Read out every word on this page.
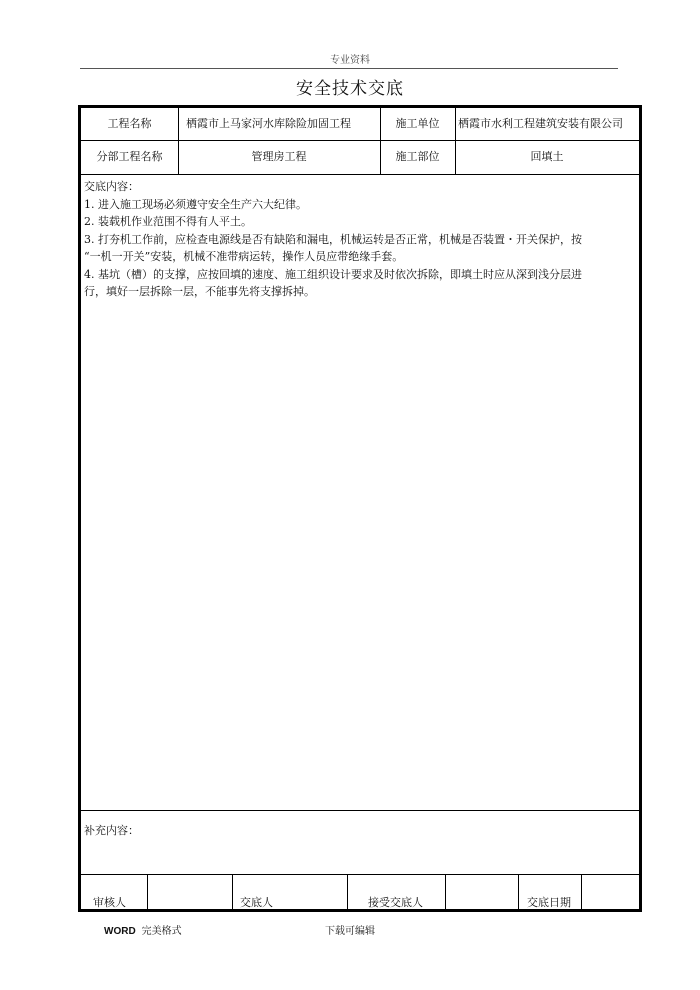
专业资料
安全技术交底
工程名称	栖霞市上马家河水库除险加固工程	施工单位	栖霞市水利工程建筑安装有限公司
分部工程名称	管理房工程	施工部位	回填土
交底内容：
1. 进入施工现场必须遵守安全生产六大纪律。
2. 装载机作业范围不得有人平土。
3. 打夯机工作前，应检查电源线是否有缺陷和漏电，机械运转是否正常，机械是否装置・开关保护，按
“一机一开关”安装，机械不准带病运转，操作人员应带绝缘手套。
4. 基坑（槽）的支撑，应按回填的速度、施工组织设计要求及时依次拆除，即填土时应从深到浅分层进
行，填好一层拆除一层，不能事先将支撑拆掉。
补充内容：
审核人	交底人	接受交底人	交底日期
WORD 完美格式	下载可编辑
